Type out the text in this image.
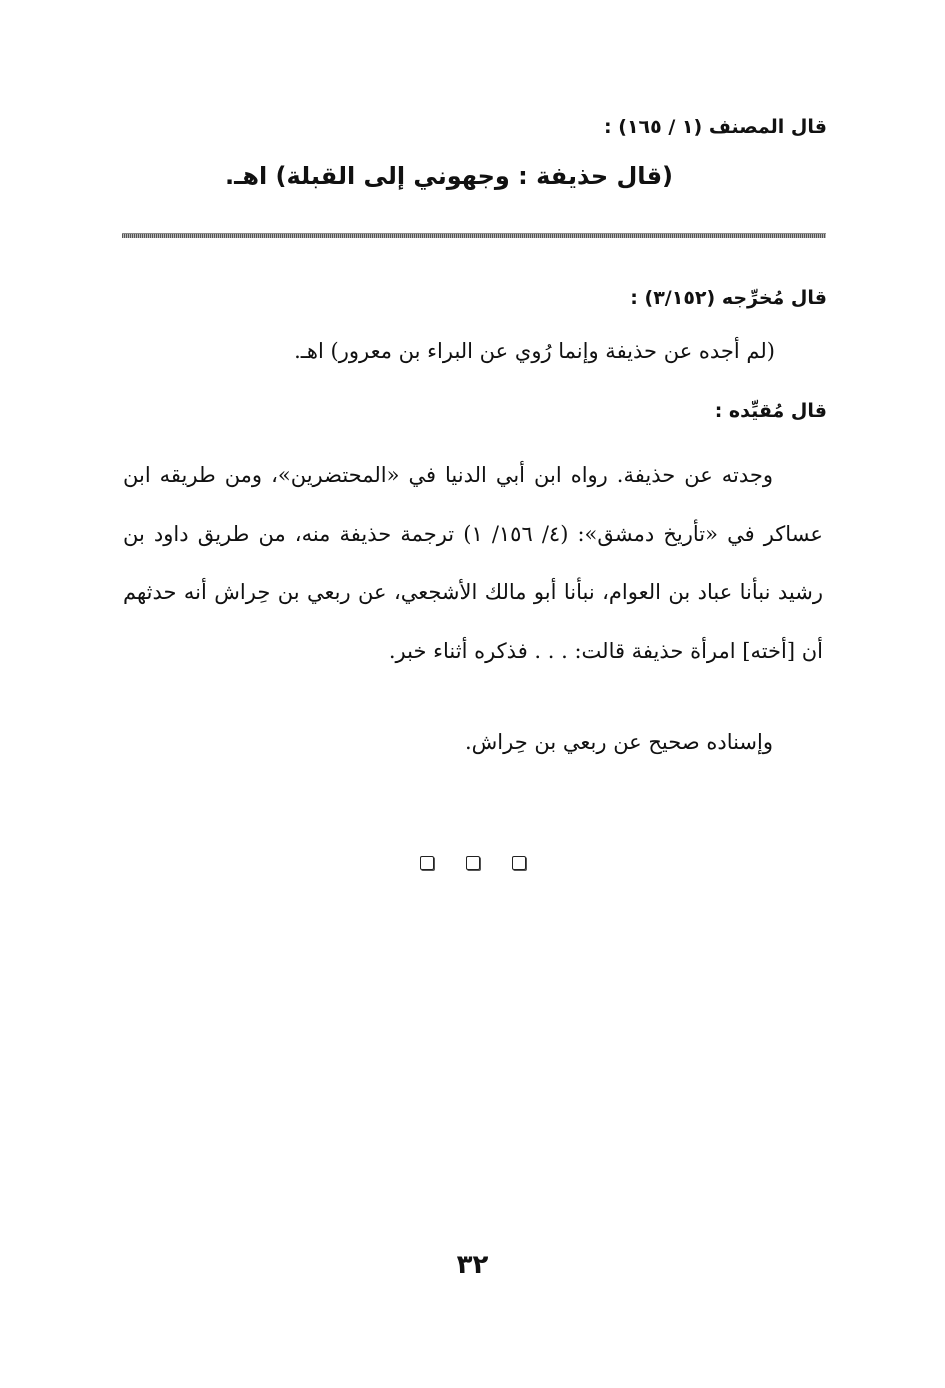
قال المصنف (١ / ١٦٥) :
(قال حذيفة : وجهوني إلى القبلة) اهـ.
قال مُخرِّجه (٣/١٥٢) :
(لم أجده عن حذيفة وإنما رُوي عن البراء بن معرور) اهـ.
قال مُقيِّده :

وجدته عن حذيفة. رواه ابن أبي الدنيا في «المحتضرين»، ومن طريقه ابن عساكر في «تأريخ دمشق»: (٤/ ١٥٦/ ١) ترجمة حذيفة منه، من طريق داود بن رشيد نبأنا عباد بن العوام، نبأنا أبو مالك الأشجعي، عن ربعي بن حِراش أنه حدثهم أن [أخته] امرأة حذيفة قالت: . . . فذكره أثناء خبر.

وإسناده صحيح عن ربعي بن حِراش.
٣٢
